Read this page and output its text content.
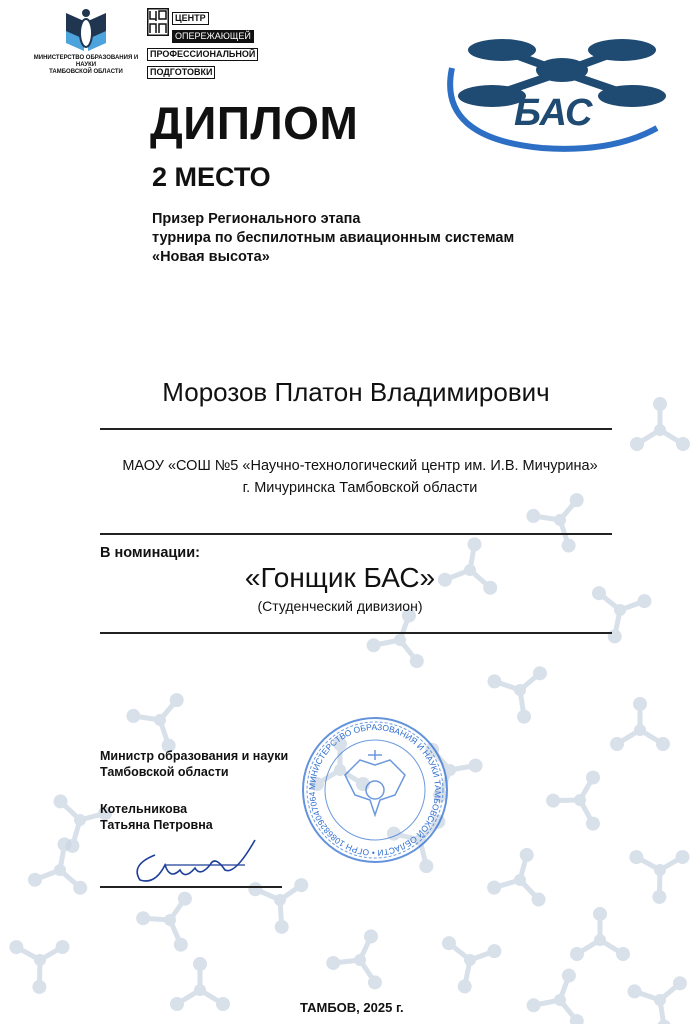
МИНИСТЕРСТВО ОБРАЗОВАНИЯ И НАУКИ
ТАМБОВСКОЙ ОБЛАСТИ
ЦЕНТР
ОПЕРЕЖАЮЩЕЙ
ПРОФЕССИОНАЛЬНОЙ
ПОДГОТОВКИ
БАС
ДИПЛОМ
2 МЕСТО
Призер Регионального этапа
турнира по беспилотным авиационным системам
«Новая высота»
Морозов Платон Владимирович
МАОУ «СОШ №5 «Научно-технологический центр им. И.В. Мичурина»
г. Мичуринска Тамбовской области
В номинации:
«Гонщик БАС»
(Студенческий дивизион)
МИНИСТЕРСТВО ОБРАЗОВАНИЯ И НАУКИ ТАМБОВСКОЙ ОБЛАСТИ • ОГРН 1086829047064
Министр образования и науки
Тамбовской области
Котельникова
Татьяна Петровна
ТАМБОВ, 2025 г.
